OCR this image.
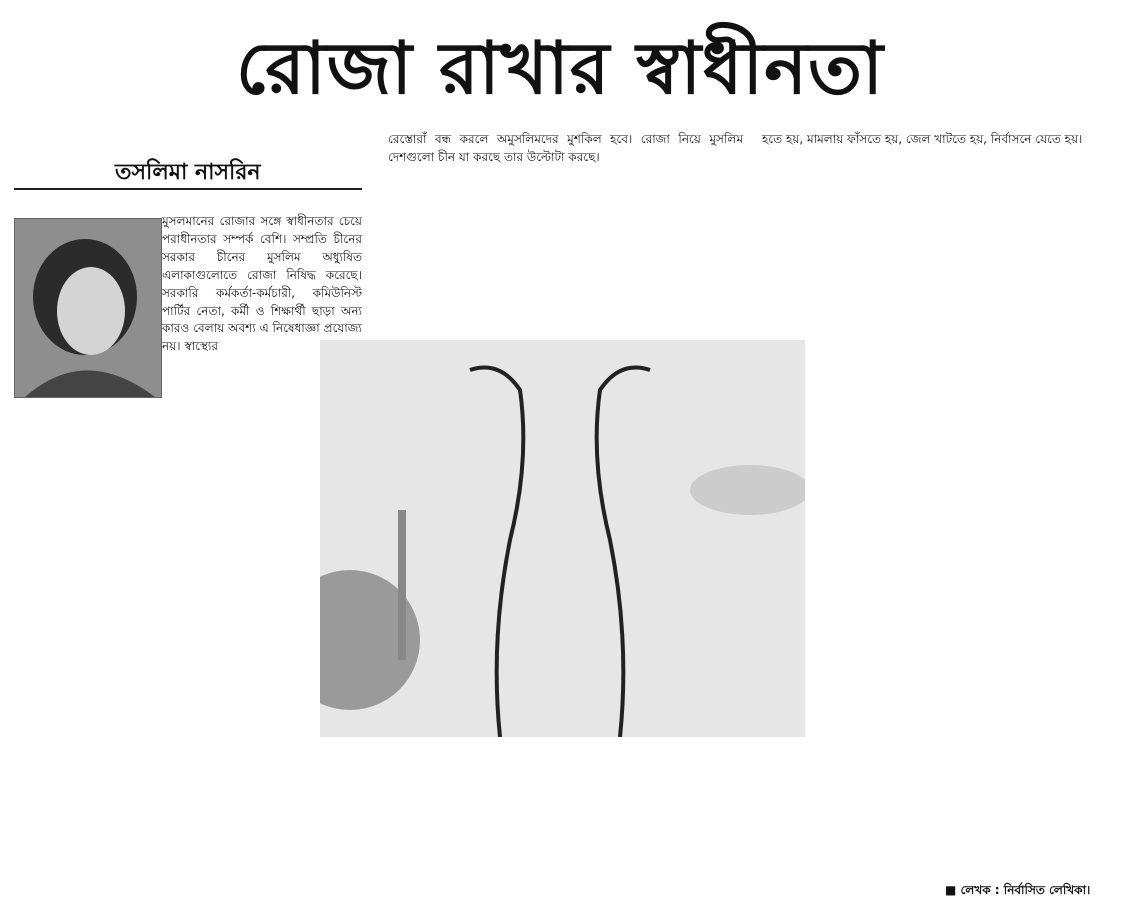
রোজা রাখার স্বাধীনতা
তসলিমা নাসরিন

মুসলমানের রোজার সঙ্গে স্বাধীনতার চেয়ে পরাধীনতার সম্পর্ক বেশি। সম্প্রতি চীনের সরকার চীনের মুসলিম অধ্যুষিত এলাকাগুলোতে রোজা নিষিদ্ধ করেছে। সরকারি কর্মকর্তা-কর্মচারী, কমিউনিস্ট পার্টির নেতা, কর্মী ও শিক্ষার্থী ছাড়া অন্য কারও বেলায় অবশ্য এ নিষেধাজ্ঞা প্রযোজ্য নয়। স্বাস্থ্যের

রেস্তোরাঁ বন্ধ করলে অমুসলিমদের মুশকিল হবে। রোজা নিয়ে মুসলিম দেশগুলো চীন যা করছে তার উল্টোটা করছে।

হতে হয়, মামলায় ফাঁসতে হয়, জেল খাটতে হয়, নির্বাসনে যেতে হয়।

■ লেখক : নির্বাসিত লেখিকা।
